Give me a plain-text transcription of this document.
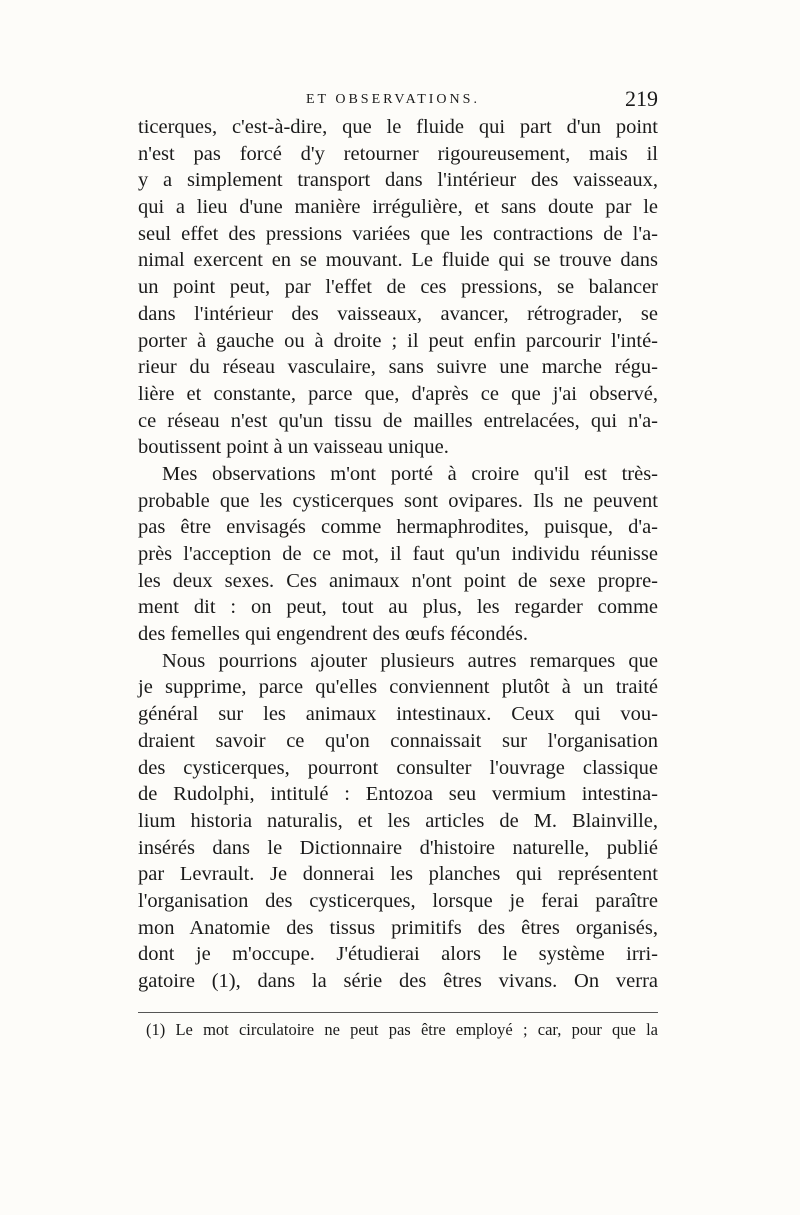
ET OBSERVATIONS.	219
ticerques, c'est-à-dire, que le fluide qui part d'un point
n'est pas forcé d'y retourner rigoureusement, mais il
y a simplement transport dans l'intérieur des vaisseaux,
qui a lieu d'une manière irrégulière, et sans doute par le
seul effet des pressions variées que les contractions de l'a-
nimal exercent en se mouvant. Le fluide qui se trouve dans
un point peut, par l'effet de ces pressions, se balancer
dans l'intérieur des vaisseaux, avancer, rétrograder, se
porter à gauche ou à droite ; il peut enfin parcourir l'inté-
rieur du réseau vasculaire, sans suivre une marche régu-
lière et constante, parce que, d'après ce que j'ai observé,
ce réseau n'est qu'un tissu de mailles entrelacées, qui n'a-
boutissent point à un vaisseau unique.
Mes observations m'ont porté à croire qu'il est très-
probable que les cysticerques sont ovipares. Ils ne peuvent
pas être envisagés comme hermaphrodites, puisque, d'a-
près l'acception de ce mot, il faut qu'un individu réunisse
les deux sexes. Ces animaux n'ont point de sexe propre-
ment dit : on peut, tout au plus, les regarder comme
des femelles qui engendrent des œufs fécondés.
Nous pourrions ajouter plusieurs autres remarques que
je supprime, parce qu'elles conviennent plutôt à un traité
général sur les animaux intestinaux. Ceux qui vou-
draient savoir ce qu'on connaissait sur l'organisation
des cysticerques, pourront consulter l'ouvrage classique
de Rudolphi, intitulé : Entozoa seu vermium intestina-
lium historia naturalis, et les articles de M. Blainville,
insérés dans le Dictionnaire d'histoire naturelle, publié
par Levrault. Je donnerai les planches qui représentent
l'organisation des cysticerques, lorsque je ferai paraître
mon Anatomie des tissus primitifs des êtres organisés,
dont je m'occupe. J'étudierai alors le système irri-
gatoire (1), dans la série des êtres vivans. On verra
(1) Le mot circulatoire ne peut pas être employé ; car, pour que la
